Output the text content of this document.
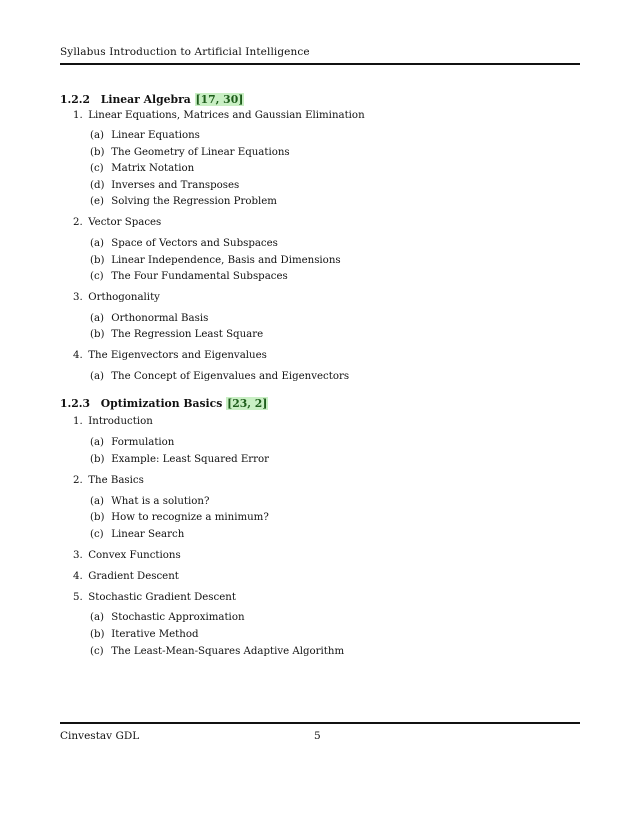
Syllabus Introduction to Artificial Intelligence
1.2.2 Linear Algebra [17, 30]
1. Linear Equations, Matrices and Gaussian Elimination
(a) Linear Equations
(b) The Geometry of Linear Equations
(c) Matrix Notation
(d) Inverses and Transposes
(e) Solving the Regression Problem
2. Vector Spaces
(a) Space of Vectors and Subspaces
(b) Linear Independence, Basis and Dimensions
(c) The Four Fundamental Subspaces
3. Orthogonality
(a) Orthonormal Basis
(b) The Regression Least Square
4. The Eigenvectors and Eigenvalues
(a) The Concept of Eigenvalues and Eigenvectors
1.2.3 Optimization Basics [23, 2]
1. Introduction
(a) Formulation
(b) Example: Least Squared Error
2. The Basics
(a) What is a solution?
(b) How to recognize a minimum?
(c) Linear Search
3. Convex Functions
4. Gradient Descent
5. Stochastic Gradient Descent
(a) Stochastic Approximation
(b) Iterative Method
(c) The Least-Mean-Squares Adaptive Algorithm
Cinvestav GDL	5
